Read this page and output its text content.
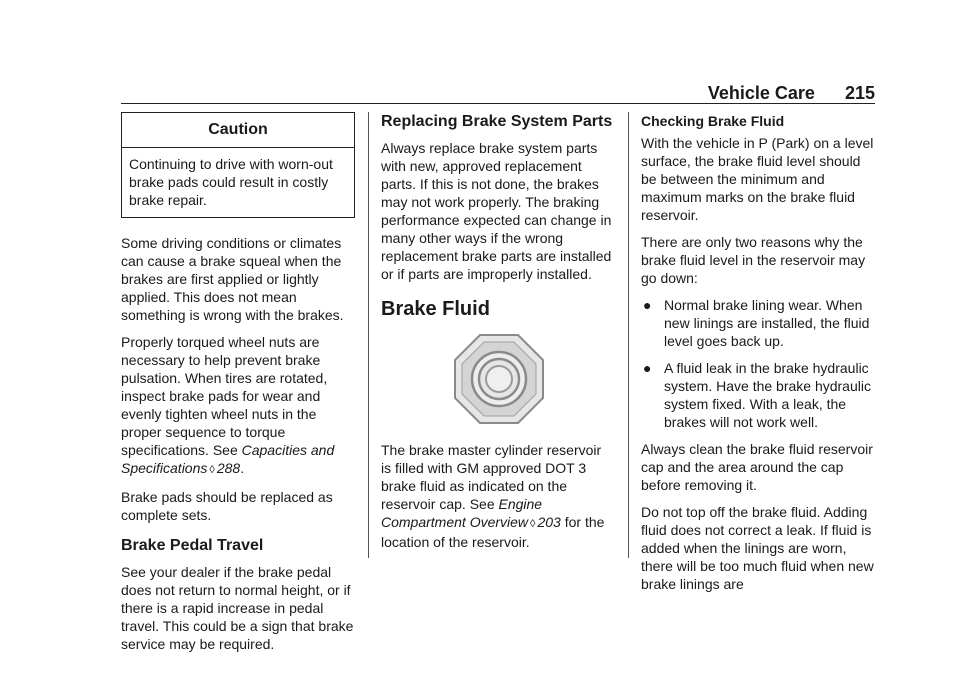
Vehicle Care 215
Caution
Continuing to drive with worn-out brake pads could result in costly brake repair.

Some driving conditions or climates can cause a brake squeal when the brakes are first applied or lightly applied. This does not mean something is wrong with the brakes.

Properly torqued wheel nuts are necessary to help prevent brake pulsation. When tires are rotated, inspect brake pads for wear and evenly tighten wheel nuts in the proper sequence to torque specifications. See Capacities and Specifications ◊ 288.

Brake pads should be replaced as complete sets.

Brake Pedal Travel

See your dealer if the brake pedal does not return to normal height, or if there is a rapid increase in pedal travel. This could be a sign that brake service may be required.

Replacing Brake System Parts

Always replace brake system parts with new, approved replacement parts. If this is not done, the brakes may not work properly. The braking performance expected can change in many other ways if the wrong replacement brake parts are installed or if parts are improperly installed.

Brake Fluid

The brake master cylinder reservoir is filled with GM approved DOT 3 brake fluid as indicated on the reservoir cap. See Engine Compartment Overview ◊ 203 for the location of the reservoir.

Checking Brake Fluid

With the vehicle in P (Park) on a level surface, the brake fluid level should be between the minimum and maximum marks on the brake fluid reservoir.

There are only two reasons why the brake fluid level in the reservoir may go down:

● Normal brake lining wear. When new linings are installed, the fluid level goes back up.
● A fluid leak in the brake hydraulic system. Have the brake hydraulic system fixed. With a leak, the brakes will not work well.

Always clean the brake fluid reservoir cap and the area around the cap before removing it.

Do not top off the brake fluid. Adding fluid does not correct a leak. If fluid is added when the linings are worn, there will be too much fluid when new brake linings are
